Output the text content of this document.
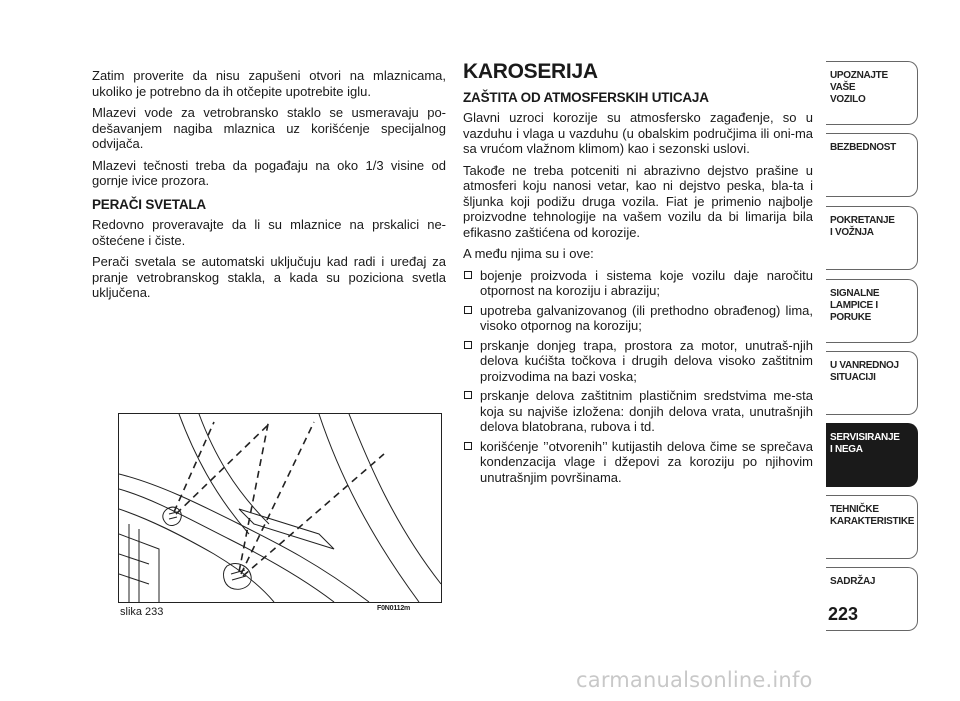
Zatim proverite da nisu zapušeni otvori na mlaznicama, ukoliko je potrebno da ih otčepite upotrebite iglu.

Mlazevi vode za vetrobransko staklo se usmeravaju po-dešavanjem nagiba mlaznica uz korišćenje specijalnog odvijača.

Mlazevi tečnosti treba da pogađaju na oko 1/3 visine od gornje ivice prozora.

PERAČI SVETALA

Redovno proveravajte da li su mlaznice na prskalici ne-oštećene i čiste.

Perači svetala se automatski uključuju kad radi i uređaj za pranje vetrobranskog stakla, a kada su poziciona svetla uključena.

slika 233	F0N0112m
KAROSERIJA
ZAŠTITA OD ATMOSFERSKIH UTICAJA

Glavni uzroci korozije su atmosfersko zagađenje, so u vazduhu i vlaga u vazduhu (u obalskim područjima ili oni-ma sa vrućom vlažnom klimom) kao i sezonski uslovi.

Takođe ne treba potceniti ni abrazivno dejstvo prašine u atmosferi koju nanosi vetar, kao ni dejstvo peska, bla-ta i šljunka koji podižu druga vozila. Fiat je primenio najbolje proizvodne tehnologije na vašem vozilu da bi limarija bila efikasno zaštićena od korozije.

A među njima su i ove:

bojenje proizvoda i sistema koje vozilu daje naročitu otpornost na koroziju i abraziju;
upotreba galvanizovanog (ili prethodno obrađenog) lima, visoko otpornog na koroziju;
prskanje donjeg trapa, prostora za motor, unutraš-njih delova kućišta točkova i drugih delova visoko zaštitnim proizvodima na bazi voska;
prskanje delova zaštitnim plastičnim sredstvima me-sta koja su najviše izložena: donjih delova vrata, unutrašnjih delova blatobrana, rubova i td.
korišćenje ’’otvorenih’’ kutijastih delova čime se sprečava kondenzacija vlage i džepovi za koroziju po njihovim unutrašnjim površinama.
UPOZNAJTE
VAŠE
VOZILO
BEZBEDNOST
POKRETANJE
I VOŽNJA
SIGNALNE
LAMPICE I PORUKE
U VANREDNOJ
SITUACIJI
SERVISIRANJE
I NEGA
TEHNIČKE
KARAKTERISTIKE
SADRŽAJ
223
carmanualsonline.info
